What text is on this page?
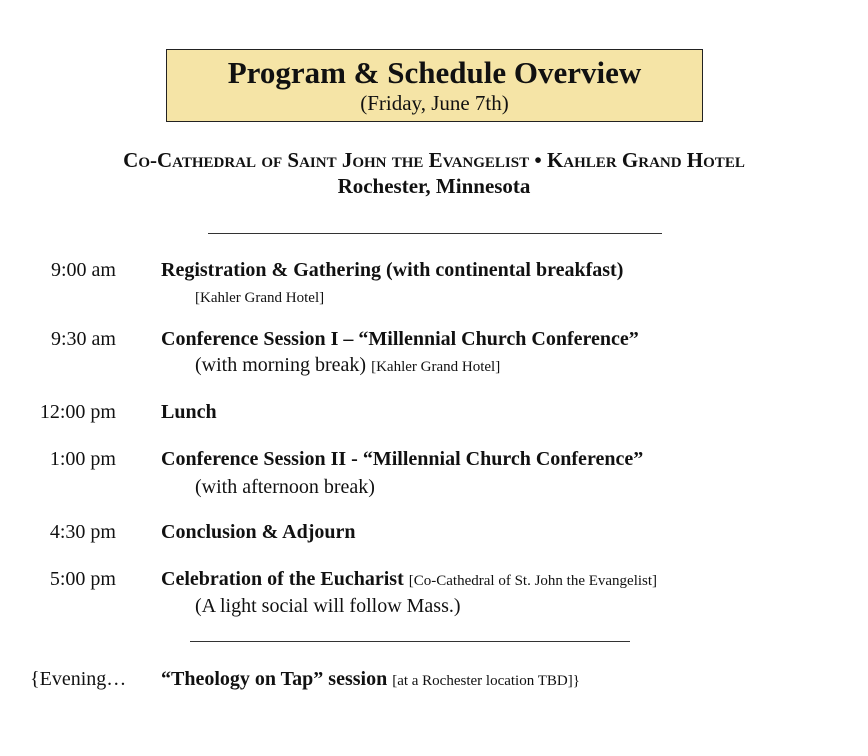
Program & Schedule Overview
(Friday, June 7th)
Co-Cathedral of Saint John the Evangelist • Kahler Grand Hotel
Rochester, Minnesota
9:00 am Registration & Gathering (with continental breakfast)
[Kahler Grand Hotel]
9:30 am Conference Session I – “Millennial Church Conference”
(with morning break) [Kahler Grand Hotel]
12:00 pm Lunch
1:00 pm Conference Session II - “Millennial Church Conference”
(with afternoon break)
4:30 pm Conclusion & Adjourn
5:00 pm Celebration of the Eucharist [Co-Cathedral of St. John the Evangelist]
(A light social will follow Mass.)
{Evening… “Theology on Tap” session [at a Rochester location TBD]}
